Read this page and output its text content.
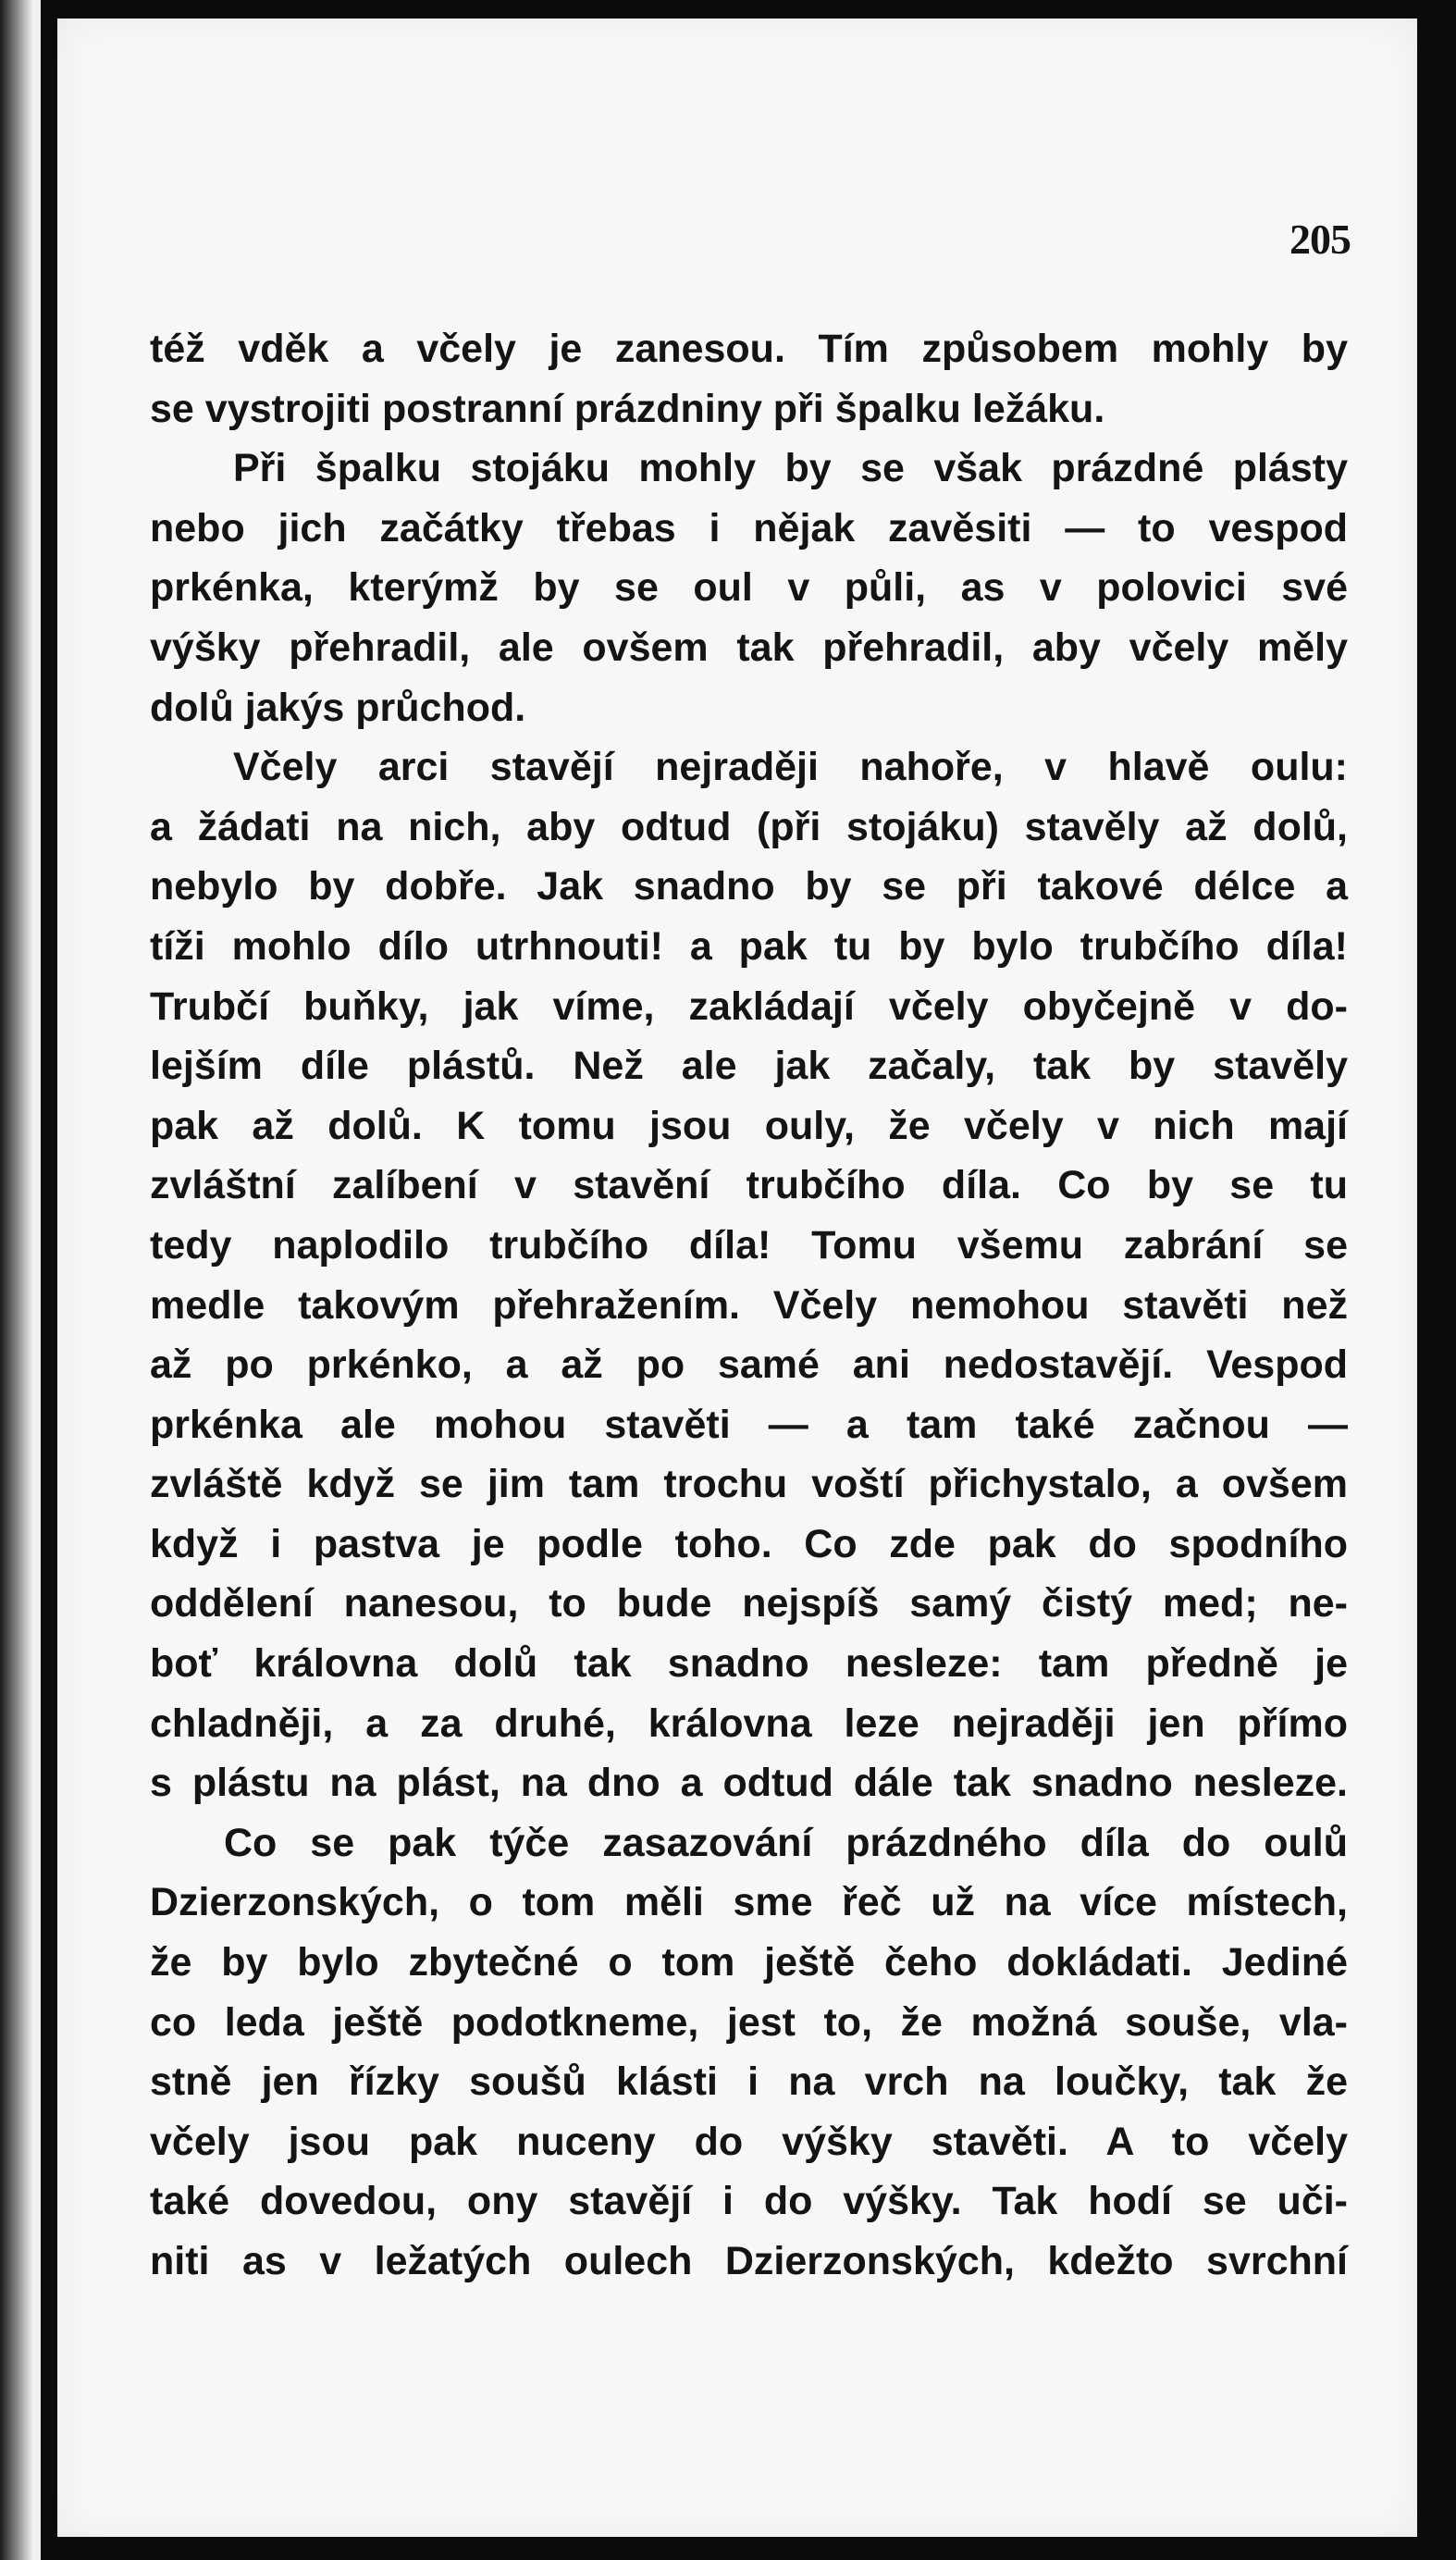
205
též vděk a včely je zanesou. Tím způsobem mohly by
se vystrojiti postranní prázdniny při špalku ležáku.
Při špalku stojáku mohly by se však prázdné plásty
nebo jich začátky třebas i nějak zavěsiti — to vespod
prkénka, kterýmž by se oul v půli, as v polovici své
výšky přehradil, ale ovšem tak přehradil, aby včely měly
dolů jakýs průchod.
Včely arci stavějí nejraději nahoře, v hlavě oulu:
a žádati na nich, aby odtud (při stojáku) stavěly až dolů,
nebylo by dobře. Jak snadno by se při takové délce a
tíži mohlo dílo utrhnouti! a pak tu by bylo trubčího díla!
Trubčí buňky, jak víme, zakládají včely obyčejně v do-
lejším díle plástů. Než ale jak začaly, tak by stavěly
pak až dolů. K tomu jsou ouly, že včely v nich mají
zvláštní zalíbení v stavění trubčího díla. Co by se tu
tedy naplodilo trubčího díla! Tomu všemu zabrání se
medle takovým přehražením. Včely nemohou stavěti než
až po prkénko, a až po samé ani nedostavějí. Vespod
prkénka ale mohou stavěti — a tam také začnou —
zvláště když se jim tam trochu voští přichystalo, a ovšem
když i pastva je podle toho. Co zde pak do spodního
oddělení nanesou, to bude nejspíš samý čistý med; ne-
boť královna dolů tak snadno nesleze: tam předně je
chladněji, a za druhé, královna leze nejraději jen přímo
s plástu na plást, na dno a odtud dále tak snadno nesleze.
Co se pak týče zasazování prázdného díla do oulů
Dzierzonských, o tom měli sme řeč už na více místech,
že by bylo zbytečné o tom ještě čeho dokládati. Jediné
co leda ještě podotkneme, jest to, že možná souše, vla-
stně jen řízky soušů klásti i na vrch na loučky, tak že
včely jsou pak nuceny do výšky stavěti. A to včely
také dovedou, ony stavějí i do výšky. Tak hodí se uči-
niti as v ležatých oulech Dzierzonských, kdežto svrchní
